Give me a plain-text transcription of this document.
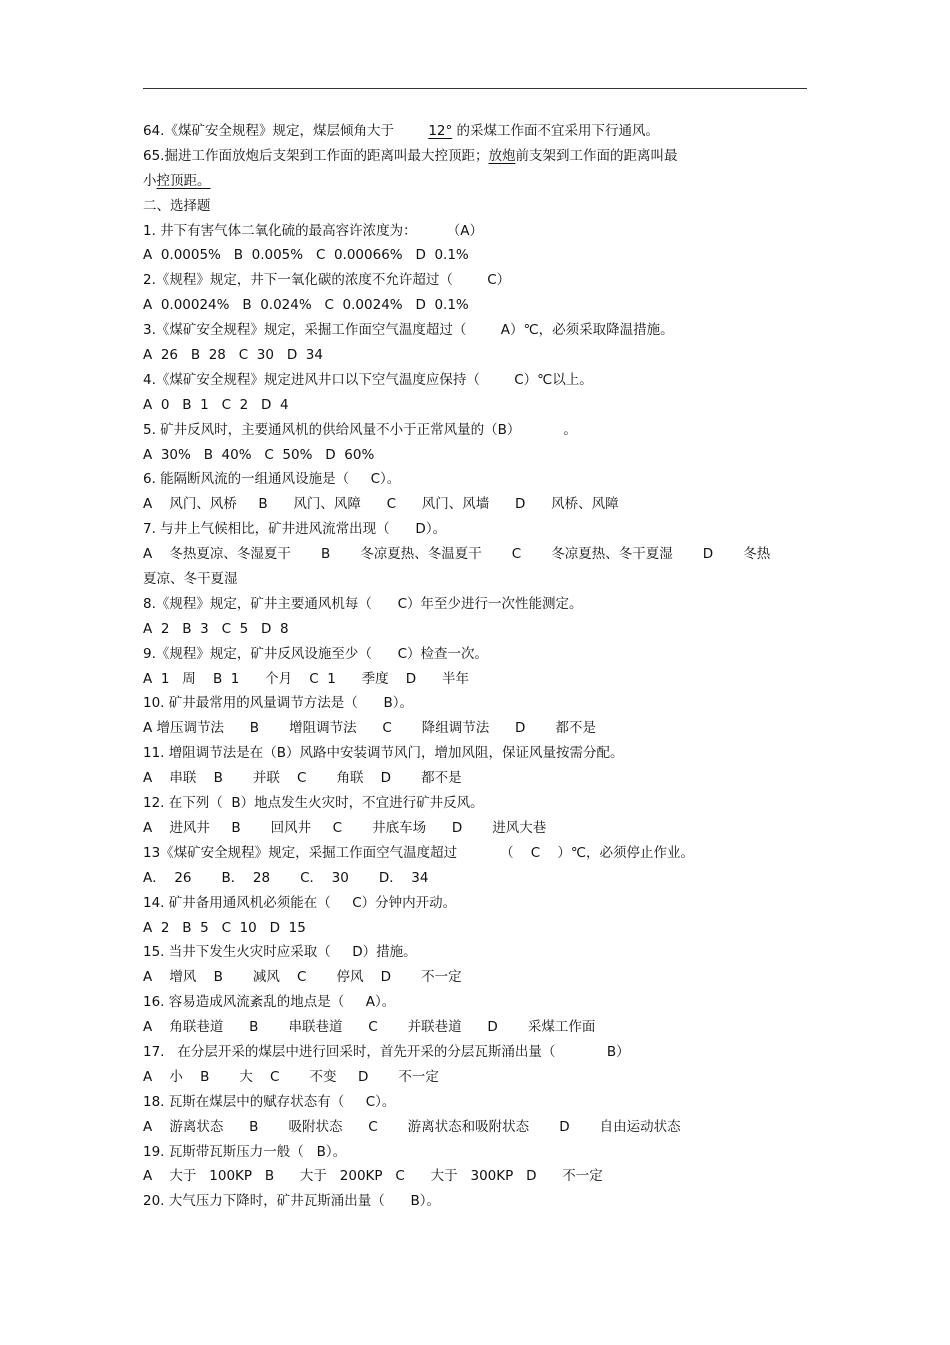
64.《煤矿安全规程》规定，煤层倾角大于        12° 的采煤工作面不宜采用下行通风。
65.掘进工作面放炮后支架到工作面的距离叫最大控顶距；放炮前支架到工作面的距离叫最
小控顶距。
二、选择题
1. 井下有害气体二氧化硫的最高容许浓度为：       （A）
A  0.0005%   B  0.005%   C  0.00066%   D  0.1%
2.《规程》规定，井下一氧化碳的浓度不允许超过（        C）
A  0.00024%   B  0.024%   C  0.0024%   D  0.1%
3.《煤矿安全规程》规定，采掘工作面空气温度超过（        A）℃，必须采取降温措施。
A  26   B  28   C  30   D  34
4.《煤矿安全规程》规定进风井口以下空气温度应保持（        C）℃以上。
A  0   B  1   C  2   D  4
5. 矿井反风时，主要通风机的供给风量不小于正常风量的（B）          。
A  30%   B  40%   C  50%   D  60%
6. 能隔断风流的一组通风设施是（     C）。
A    风门、风桥     B      风门、风障      C      风门、风墙      D      风桥、风障
7. 与井上气候相比，矿井进风流常出现（      D）。
A    冬热夏凉、冬湿夏干       B       冬凉夏热、冬温夏干       C       冬凉夏热、冬干夏湿       D       冬热
夏凉、冬干夏湿
8.《规程》规定，矿井主要通风机每（      C）年至少进行一次性能测定。
A  2   B  3   C  5   D  8
9.《规程》规定，矿井反风设施至少（      C）检查一次。
A  1   周    B  1      个月    C  1      季度    D      半年
10. 矿井最常用的风量调节方法是（      B）。
A 增压调节法      B       增阻调节法      C       降组调节法      D       都不是
11. 增阻调节法是在（B）风路中安装调节风门，增加风阻，保证风量按需分配。
A    串联    B       并联    C       角联    D       都不是
12. 在下列（  B）地点发生火灾时，不宜进行矿井反风。
A    进风井     B       回风井     C       井底车场      D       进风大巷
13《煤矿安全规程》规定，采掘工作面空气温度超过          （    C    ）℃，必须停止作业。
A．  26       B．  28       C．  30       D．  34
14. 矿井备用通风机必须能在（     C）分钟内开动。
A  2   B  5   C  10   D  15
15. 当井下发生火灾时应采取（     D）措施。
A    增风    B       减风    C       停风    D       不一定
16. 容易造成风流紊乱的地点是（     A）。
A    角联巷道      B       串联巷道      C       并联巷道      D       采煤工作面
17.   在分层开采的煤层中进行回采时，首先开采的分层瓦斯涌出量（            B）
A    小    B       大    C       不变     D       不一定
18. 瓦斯在煤层中的赋存状态有（     C）。
A    游离状态      B       吸附状态      C       游离状态和吸附状态       D       自由运动状态
19. 瓦斯带瓦斯压力一般（   B）。
A    大于   100KP   B      大于   200KP   C      大于   300KP   D      不一定
20. 大气压力下降时，矿井瓦斯涌出量（      B）。
